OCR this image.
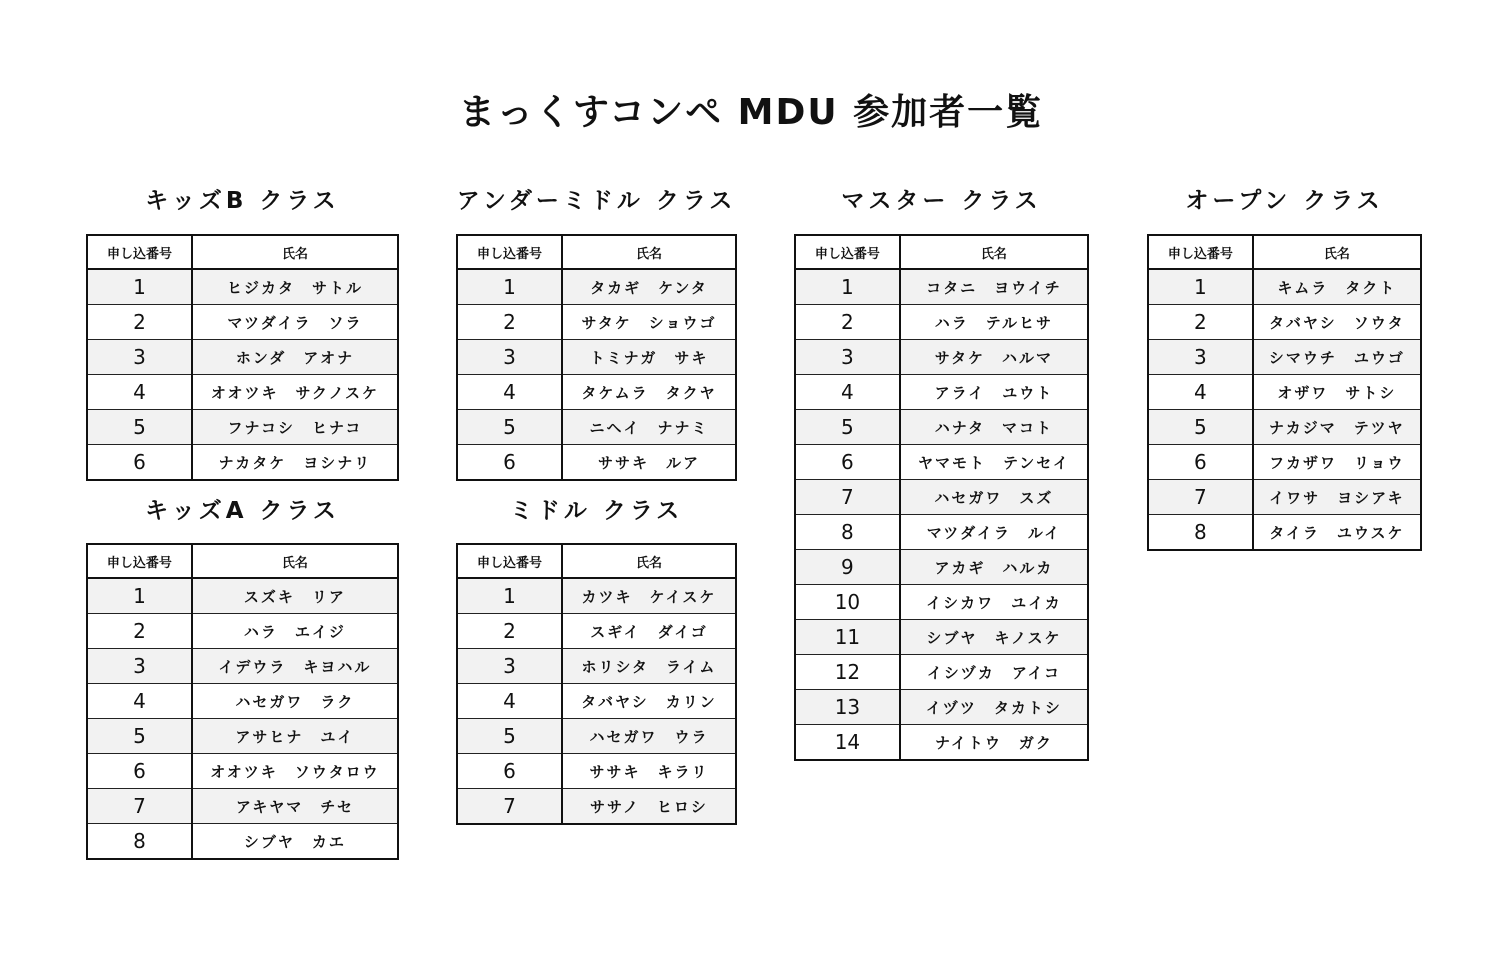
まっくすコンペ MDU 参加者一覧
キッズB クラス
申し込番号	氏名
1	ヒジカタ　サトル
2	マツダイラ　ソラ
3	ホンダ　アオナ
4	オオツキ　サクノスケ
5	フナコシ　ヒナコ
6	ナカタケ　ヨシナリ
キッズA クラス
申し込番号	氏名
1	スズキ　リア
2	ハラ　エイジ
3	イデウラ　キヨハル
4	ハセガワ　ラク
5	アサヒナ　ユイ
6	オオツキ　ソウタロウ
7	アキヤマ　チセ
8	シブヤ　カエ
アンダーミドル クラス
申し込番号	氏名
1	タカギ　ケンタ
2	サタケ　ショウゴ
3	トミナガ　サキ
4	タケムラ　タクヤ
5	ニヘイ　ナナミ
6	ササキ　ルア
ミドル クラス
申し込番号	氏名
1	カツキ　ケイスケ
2	スギイ　ダイゴ
3	ホリシタ　ライム
4	タバヤシ　カリン
5	ハセガワ　ウラ
6	ササキ　キラリ
7	ササノ　ヒロシ
マスター クラス
申し込番号	氏名
1	コタニ　ヨウイチ
2	ハラ　テルヒサ
3	サタケ　ハルマ
4	アライ　ユウト
5	ハナタ　マコト
6	ヤマモト　テンセイ
7	ハセガワ　スズ
8	マツダイラ　ルイ
9	アカギ　ハルカ
10	イシカワ　ユイカ
11	シブヤ　キノスケ
12	イシヅカ　アイコ
13	イヅツ　タカトシ
14	ナイトウ　ガク
オープン クラス
申し込番号	氏名
1	キムラ　タクト
2	タバヤシ　ソウタ
3	シマウチ　ユウゴ
4	オザワ　サトシ
5	ナカジマ　テツヤ
6	フカザワ　リョウ
7	イワサ　ヨシアキ
8	タイラ　ユウスケ
